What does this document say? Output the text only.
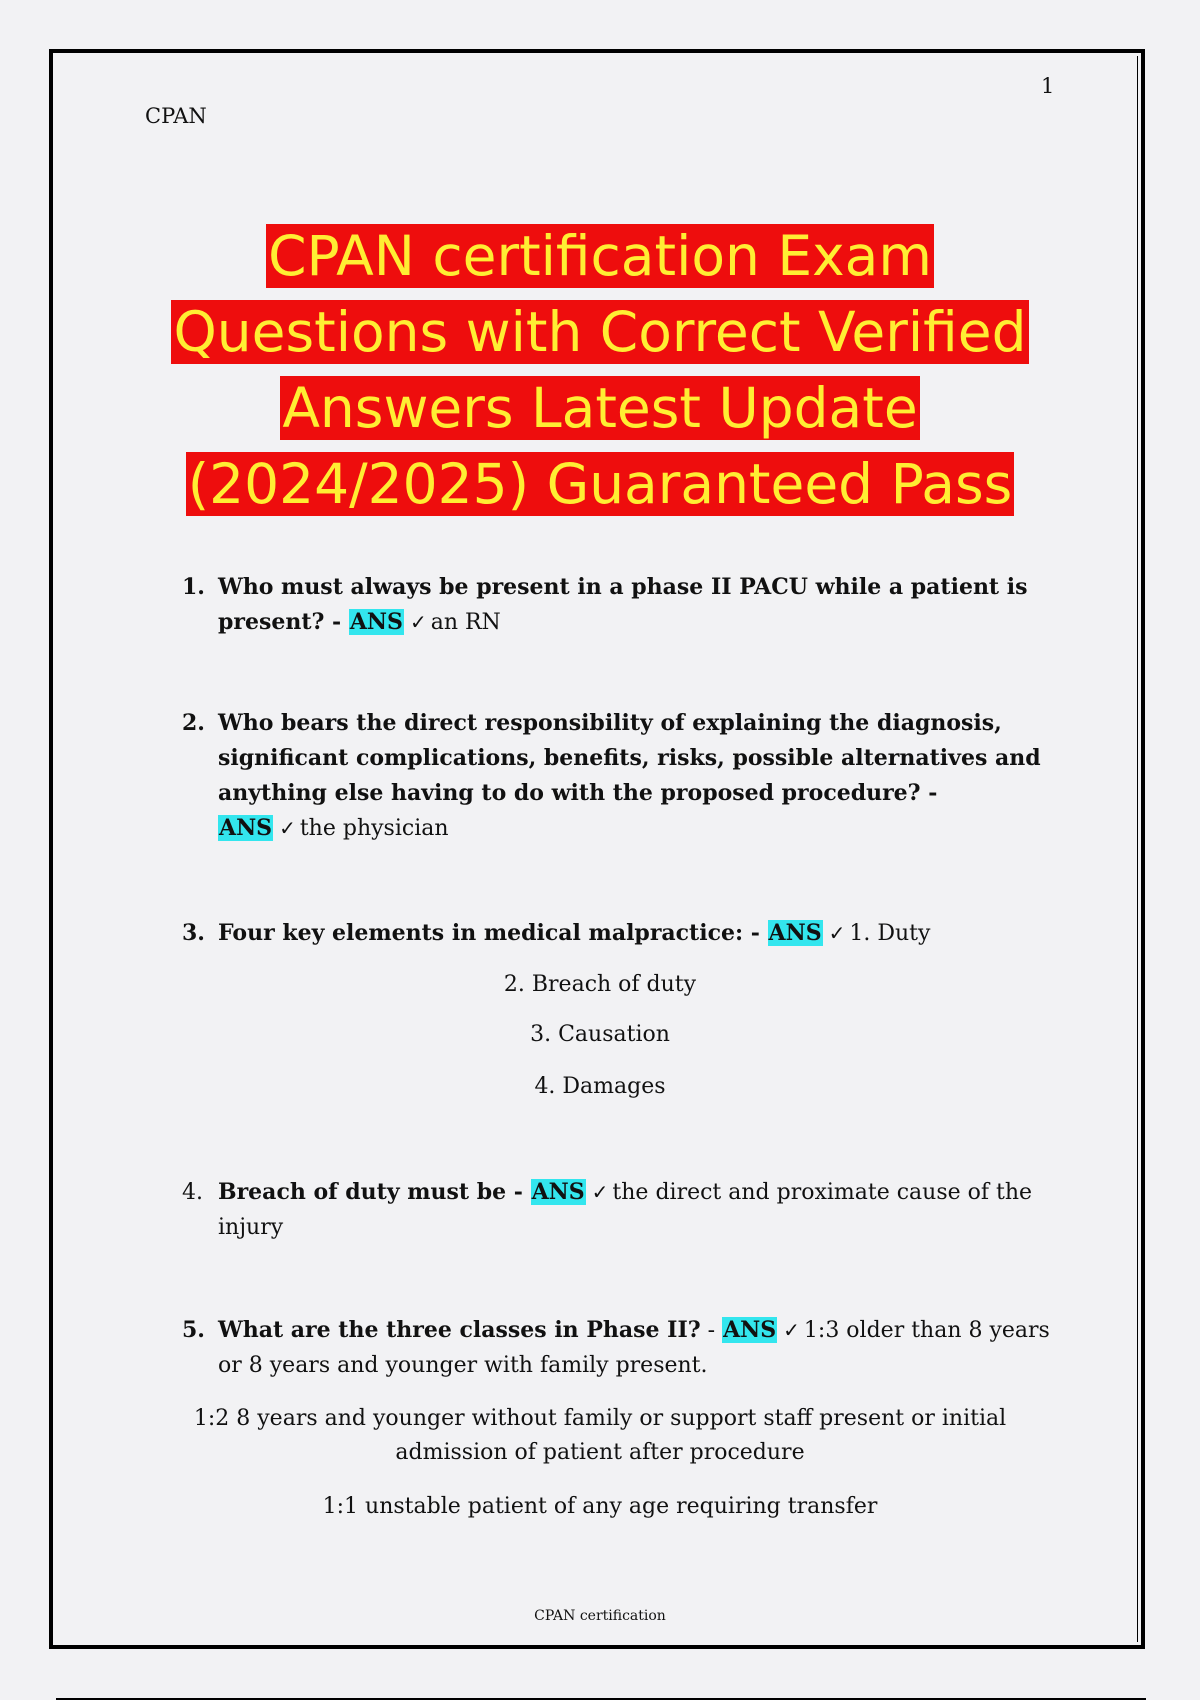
CPAN
1
CPAN certification Exam
Questions with Correct Verified
Answers Latest Update
(2024/2025) Guaranteed Pass
1. Who must always be present in a phase II PACU while a patient is present? - ANS ✓ an RN
2. Who bears the direct responsibility of explaining the diagnosis, significant complications, benefits, risks, possible alternatives and anything else having to do with the proposed procedure? - ANS ✓ the physician
3. Four key elements in medical malpractice: - ANS ✓ 1. Duty
2. Breach of duty
3. Causation
4. Damages
4. Breach of duty must be - ANS ✓ the direct and proximate cause of the injury
5. What are the three classes in Phase II? - ANS ✓ 1:3 older than 8 years or 8 years and younger with family present.
1:2 8 years and younger without family or support staff present or initial admission of patient after procedure
1:1 unstable patient of any age requiring transfer
CPAN certification
